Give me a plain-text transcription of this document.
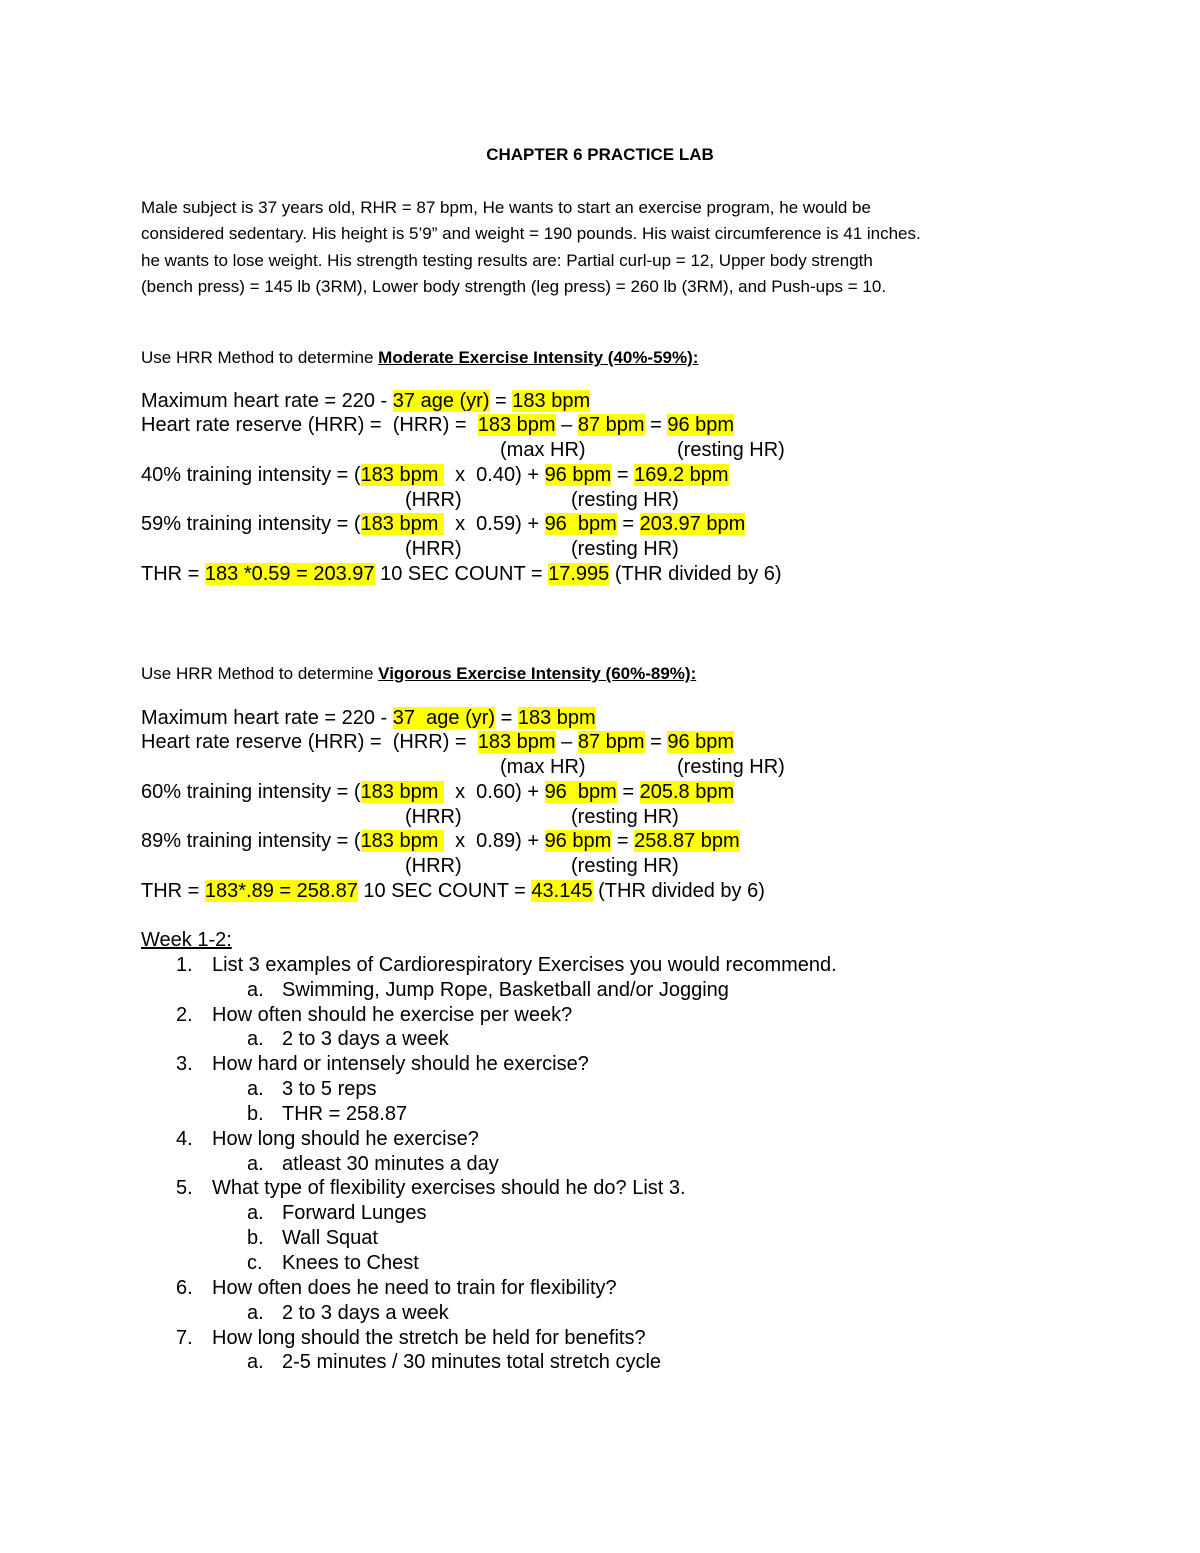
CHAPTER 6 PRACTICE LAB
Male subject is 37 years old, RHR = 87 bpm, He wants to start an exercise program, he would be
considered sedentary. His height is 5’9” and weight = 190 pounds. His waist circumference is 41 inches.
he wants to lose weight. His strength testing results are: Partial curl-up = 12, Upper body strength
(bench press) = 145 lb (3RM), Lower body strength (leg press) = 260 lb (3RM), and Push-ups = 10.
Use HRR Method to determine Moderate Exercise Intensity (40%-59%):
Maximum heart rate = 220 - 37 age (yr) = 183 bpm
Heart rate reserve (HRR) =  (HRR) =  183 bpm – 87 bpm = 96 bpm
(max HR)	(resting HR)
40% training intensity = (183 bpm   x  0.40) + 96 bpm = 169.2 bpm
(HRR)	(resting HR)
59% training intensity = (183 bpm   x  0.59) + 96  bpm = 203.97 bpm
(HRR)	(resting HR)
THR = 183 *0.59 = 203.97 10 SEC COUNT = 17.995 (THR divided by 6)
Use HRR Method to determine Vigorous Exercise Intensity (60%-89%):
Maximum heart rate = 220 - 37  age (yr) = 183 bpm
Heart rate reserve (HRR) =  (HRR) =  183 bpm – 87 bpm = 96 bpm
(max HR)	(resting HR)
60% training intensity = (183 bpm   x  0.60) + 96  bpm = 205.8 bpm
(HRR)	(resting HR)
89% training intensity = (183 bpm   x  0.89) + 96 bpm = 258.87 bpm
(HRR)	(resting HR)
THR = 183*.89 = 258.87 10 SEC COUNT = 43.145 (THR divided by 6)
Week 1-2:
1. List 3 examples of Cardiorespiratory Exercises you would recommend.
a. Swimming, Jump Rope, Basketball and/or Jogging
2. How often should he exercise per week?
a. 2 to 3 days a week
3. How hard or intensely should he exercise?
a. 3 to 5 reps
b. THR = 258.87
4. How long should he exercise?
a. atleast 30 minutes a day
5. What type of flexibility exercises should he do? List 3.
a. Forward Lunges
b. Wall Squat
c. Knees to Chest
6. How often does he need to train for flexibility?
a. 2 to 3 days a week
7. How long should the stretch be held for benefits?
a. 2-5 minutes / 30 minutes total stretch cycle
